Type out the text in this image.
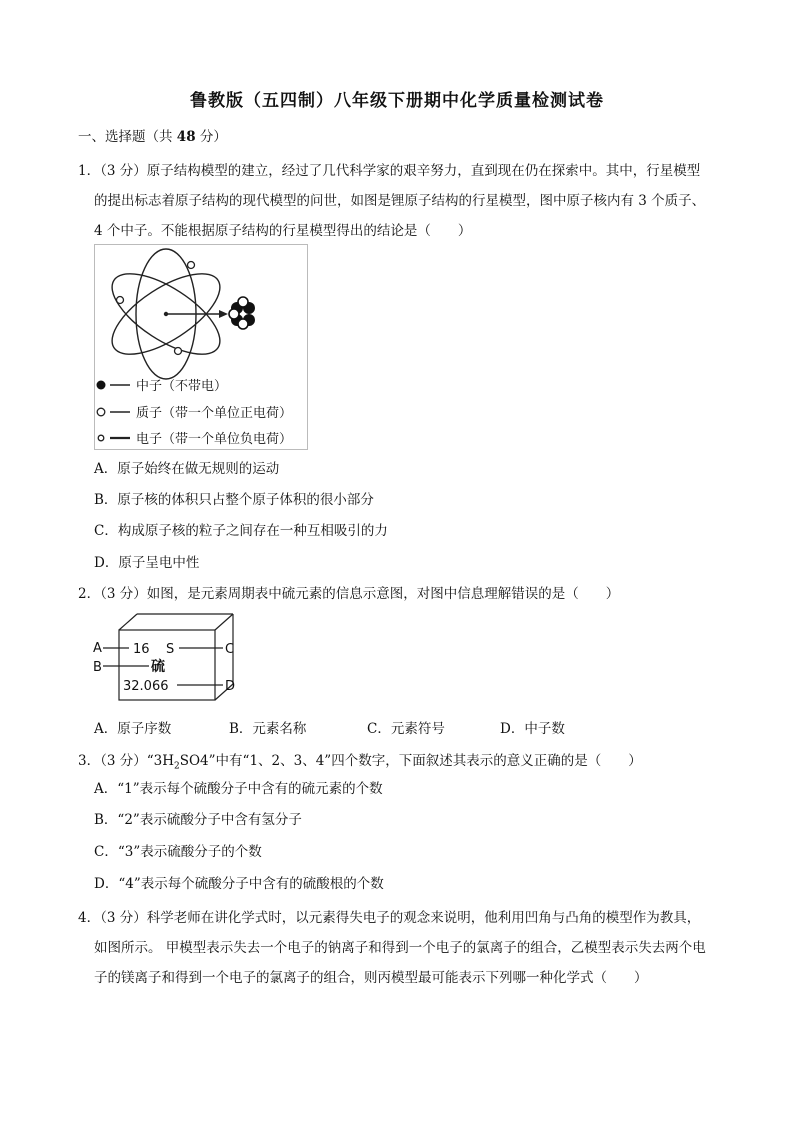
鲁教版（五四制）八年级下册期中化学质量检测试卷
一、选择题（共 48 分）
1．（3 分）原子结构模型的建立，经过了几代科学家的艰辛努力，直到现在仍在探索中。其中，行星模型
的提出标志着原子结构的现代模型的问世，如图是锂原子结构的行星模型，图中原子核内有 3 个质子、
4 个中子。不能根据原子结构的行星模型得出的结论是（　　）
中子（不带电）
质子（带一个单位正电荷）
电子（带一个单位负电荷）
A．原子始终在做无规则的运动
B．原子核的体积只占整个原子体积的很小部分
C．构成原子核的粒子之间存在一种互相吸引的力
D．原子呈电中性
2．（3 分）如图，是元素周期表中硫元素的信息示意图，对图中信息理解错误的是（　　）
A 16 S	C
B	硫
32.066	D
A．原子序数	B．元素名称	C．元素符号	D．中子数
3．（3 分）“$3H_2SO4$”中有“1、2、3、4”四个数字，下面叙述其表示的意义正确的是（　　）
A．“1”表示每个硫酸分子中含有的硫元素的个数
B．“2”表示硫酸分子中含有氢分子
C．“3”表示硫酸分子的个数
D．“4”表示每个硫酸分子中含有的硫酸根的个数
4．（3 分）科学老师在讲化学式时，以元素得失电子的观念来说明，他利用凹角与凸角的模型作为教具，
如图所示。 甲模型表示失去一个电子的钠离子和得到一个电子的氯离子的组合，乙模型表示失去两个电
子的镁离子和得到一个电子的氯离子的组合，则丙模型最可能表示下列哪一种化学式（　　）
